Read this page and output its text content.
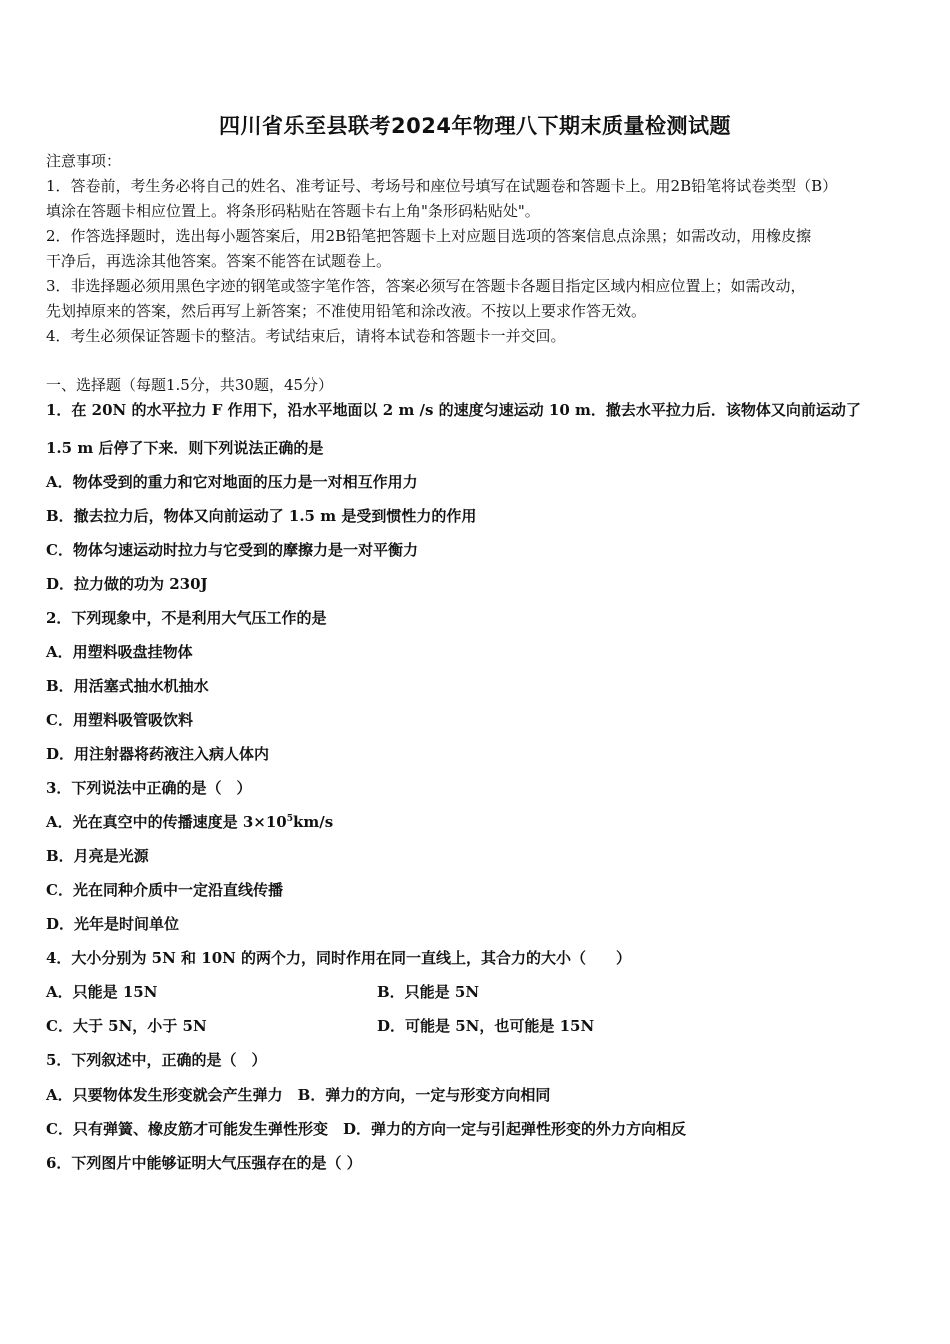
四川省乐至县联考2024年物理八下期末质量检测试题
注意事项：
1．答卷前，考生务必将自己的姓名、准考证号、考场号和座位号填写在试题卷和答题卡上。用2B铅笔将试卷类型（B）
填涂在答题卡相应位置上。将条形码粘贴在答题卡右上角"条形码粘贴处"。
2．作答选择题时，选出每小题答案后，用2B铅笔把答题卡上对应题目选项的答案信息点涂黑；如需改动，用橡皮擦
干净后，再选涂其他答案。答案不能答在试题卷上。
3．非选择题必须用黑色字迹的钢笔或签字笔作答，答案必须写在答题卡各题目指定区域内相应位置上；如需改动，
先划掉原来的答案，然后再写上新答案；不准使用铅笔和涂改液。不按以上要求作答无效。
4．考生必须保证答题卡的整洁。考试结束后，请将本试卷和答题卡一并交回。
一、选择题（每题1.5分，共30题，45分）
1．在 20N 的水平拉力 F 作用下，沿水平地面以 2 m /s 的速度匀速运动 10 m．撤去水平拉力后．该物体又向前运动了
1.5 m 后停了下来．则下列说法正确的是
A．物体受到的重力和它对地面的压力是一对相互作用力
B．撤去拉力后，物体又向前运动了 1.5 m 是受到惯性力的作用
C．物体匀速运动时拉力与它受到的摩擦力是一对平衡力
D．拉力做的功为 230J
2．下列现象中，不是利用大气压工作的是
A．用塑料吸盘挂物体
B．用活塞式抽水机抽水
C．用塑料吸管吸饮料
D．用注射器将药液注入病人体内
3．下列说法中正确的是（　）
A．光在真空中的传播速度是 $3\times 10^5km/s$
B．月亮是光源
C．光在同种介质中一定沿直线传播
D．光年是时间单位
4．大小分别为 5N 和 10N 的两个力，同时作用在同一直线上，其合力的大小（　　）
A．只能是 15N	B．只能是 5N
C．大于 5N，小于 5N	D．可能是 5N，也可能是 15N
5．下列叙述中，正确的是（　）
A．只要物体发生形变就会产生弹力　B．弹力的方向，一定与形变方向相同
C．只有弹簧、橡皮筋才可能发生弹性形变　D．弹力的方向一定与引起弹性形变的外力方向相反
6．下列图片中能够证明大气压强存在的是（ ）
